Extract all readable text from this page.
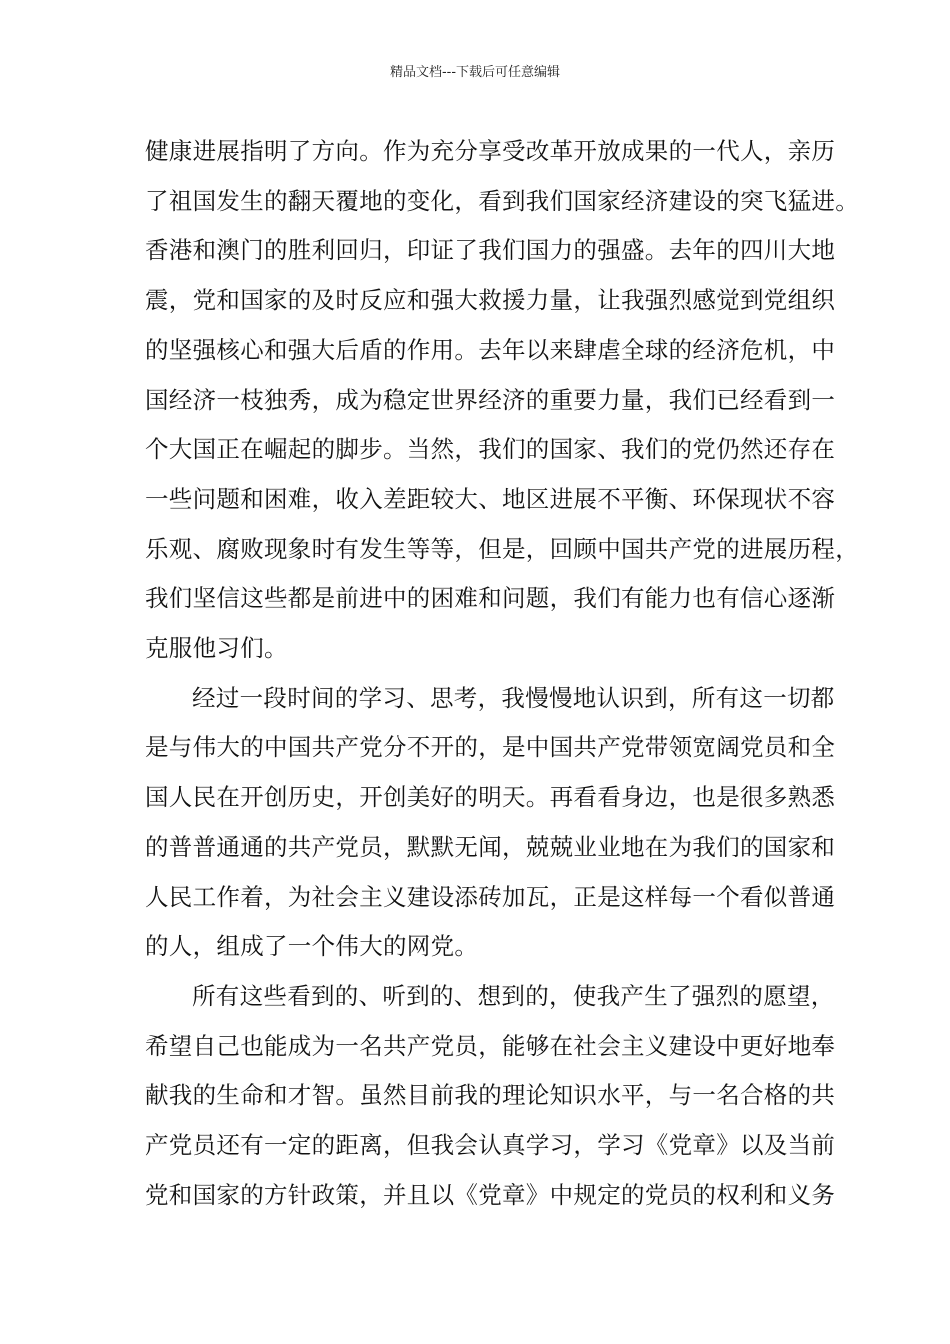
精品文档---下载后可任意编辑
健康进展指明了方向。作为充分享受改革开放成果的一代人，亲历
了祖国发生的翻天覆地的变化，看到我们国家经济建设的突飞猛进。
香港和澳门的胜利回归，印证了我们国力的强盛。去年的四川大地
震，党和国家的及时反应和强大救援力量，让我强烈感觉到党组织
的坚强核心和强大后盾的作用。去年以来肆虐全球的经济危机，中
国经济一枝独秀，成为稳定世界经济的重要力量，我们已经看到一
个大国正在崛起的脚步。当然，我们的国家、我们的党仍然还存在
一些问题和困难，收入差距较大、地区进展不平衡、环保现状不容
乐观、腐败现象时有发生等等，但是，回顾中国共产党的进展历程，
我们坚信这些都是前进中的困难和问题，我们有能力也有信心逐渐
克服他习们。
经过一段时间的学习、思考，我慢慢地认识到，所有这一切都
是与伟大的中国共产党分不开的，是中国共产党带领宽阔党员和全
国人民在开创历史，开创美好的明天。再看看身边，也是很多熟悉
的普普通通的共产党员，默默无闻，兢兢业业地在为我们的国家和
人民工作着，为社会主义建设添砖加瓦，正是这样每一个看似普通
的人，组成了一个伟大的网党。
所有这些看到的、听到的、想到的，使我产生了强烈的愿望，
希望自己也能成为一名共产党员，能够在社会主义建设中更好地奉
献我的生命和才智。虽然目前我的理论知识水平，与一名合格的共
产党员还有一定的距离，但我会认真学习，学习《党章》以及当前
党和国家的方针政策，并且以《党章》中规定的党员的权利和义务
